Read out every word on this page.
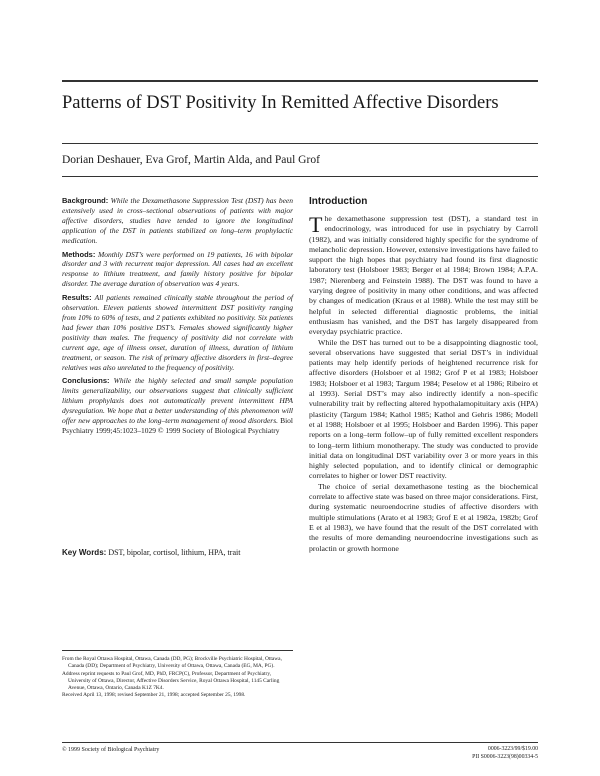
Patterns of DST Positivity In Remitted Affective Disorders
Dorian Deshauer, Eva Grof, Martin Alda, and Paul Grof

Background: While the Dexamethasone Suppression Test (DST) has been extensively used in cross–sectional observations of patients with major affective disorders, studies have tended to ignore the longitudinal application of the DST in patients stabilized on long–term prophylactic medication.

Methods: Monthly DST’s were performed on 19 patients, 16 with bipolar disorder and 3 with recurrent major depression. All cases had an excellent response to lithium treatment, and family history positive for bipolar disorder. The average duration of observation was 4 years.

Results: All patients remained clinically stable throughout the period of observation. Eleven patients showed intermittent DST positivity ranging from 10% to 60% of tests, and 2 patients exhibited no positivity. Six patients had fewer than 10% positive DST’s. Females showed significantly higher positivity than males. The frequency of positivity did not correlate with current age, age of illness onset, duration of illness, duration of lithium treatment, or season. The risk of primary affective disorders in first–degree relatives was also unrelated to the frequency of positivity.

Conclusions: While the highly selected and small sample population limits generalizability, our observations suggest that clinically sufficient lithium prophylaxis does not automatically prevent intermittent HPA dysregulation. We hope that a better understanding of this phenomenon will offer new approaches to the long–term management of mood disorders. Biol Psychiatry 1999;45:1023–1029 © 1999 Society of Biological Psychiatry

Key Words: DST, bipolar, cortisol, lithium, HPA, trait

From the Royal Ottawa Hospital, Ottawa, Canada (DD, PG); Brockville Psychiatric Hospital, Ottawa, Canada (DD); Department of Psychiatry, University of Ottawa, Ottawa, Canada (EG, MA, PG).

Address reprint requests to Paul Grof, MD, PhD, FRCP(C), Professor, Department of Psychiatry, University of Ottawa, Director, Affective Disorders Service, Royal Ottawa Hospital, 1145 Carling Avenue, Ottawa, Ontario, Canada K1Z 7K4.

Received April 13, 1998; revised September 21, 1998; accepted September 25, 1998.

Introduction

The dexamethasone suppression test (DST), a standard test in endocrinology, was introduced for use in psychiatry by Carroll (1982), and was initially considered highly specific for the syndrome of melancholic depression. However, extensive investigations have failed to support the high hopes that psychiatry had found its first diagnostic laboratory test (Holsboer 1983; Berger et al 1984; Brown 1984; A.P.A. 1987; Nierenberg and Feinstein 1988). The DST was found to have a varying degree of positivity in many other conditions, and was affected by changes of medication (Kraus et al 1988). While the test may still be helpful in selected differential diagnostic problems, the initial enthusiasm has vanished, and the DST has largely disappeared from everyday psychiatric practice.

While the DST has turned out to be a disappointing diagnostic tool, several observations have suggested that serial DST’s in individual patients may help identify periods of heightened recurrence risk for affective disorders (Holsboer et al 1982; Grof P et al 1983; Holsboer 1983; Holsboer et al 1983; Targum 1984; Peselow et al 1986; Ribeiro et al 1993). Serial DST’s may also indirectly identify a non–specific vulnerability trait by reflecting altered hypothalamopituitary axis (HPA) plasticity (Targum 1984; Kathol 1985; Kathol and Gehris 1986; Modell et al 1988; Holsboer et al 1995; Holsboer and Barden 1996). This paper reports on a long–term follow–up of fully remitted excellent responders to long–term lithium monotherapy. The study was conducted to provide initial data on longitudinal DST variability over 3 or more years in this highly selected population, and to identify clinical or demographic correlates to higher or lower DST reactivity.

The choice of serial dexamethasone testing as the biochemical correlate to affective state was based on three major considerations. First, during systematic neuroendocrine studies of affective disorders with multiple stimulations (Arato et al 1983; Grof E et al 1982a, 1982b; Grof E et al 1983), we have found that the result of the DST correlated with the results of more demanding neuroendocrine investigations such as prolactin or growth hormone

© 1999 Society of Biological Psychiatry	0006-3223/99/$19.00
PII S0006-3223(98)00334-5
